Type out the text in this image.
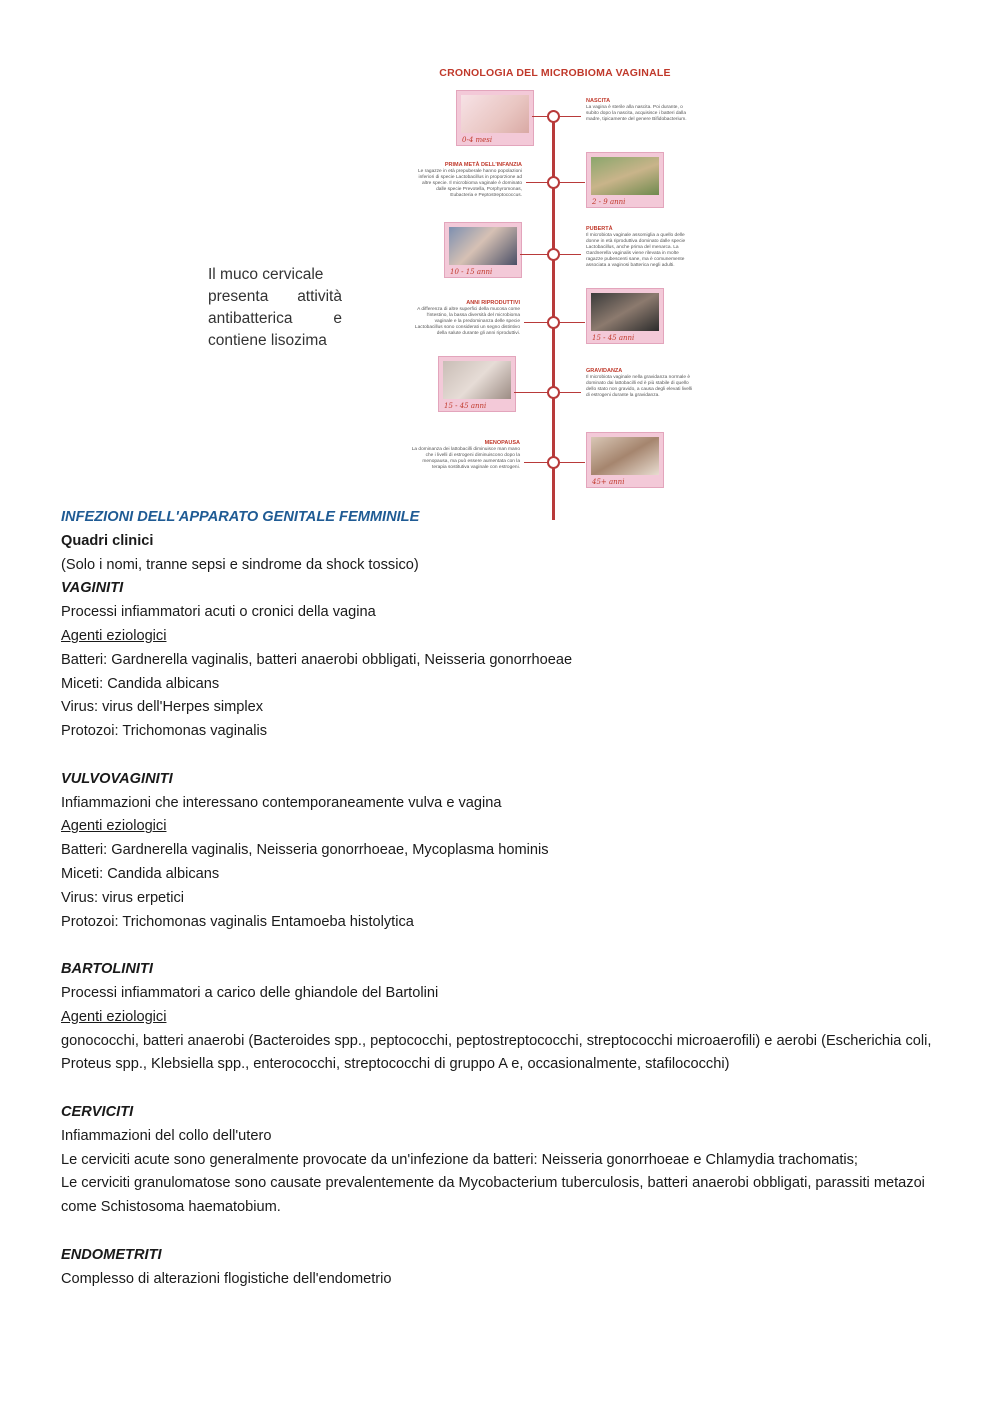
Il muco cervicale
presenta attività
antibatterica e
contiene lisozima
CRONOLOGIA DEL MICROBIOMA VAGINALE
0-4 mesi
NASCITA
La vagina è sterile alla nascita. Poi durante, o subito dopo la nascita, acquisisce i batteri dalla madre, tipicamente del genere Bifidobacterium.
PRIMA METÀ DELL'INFANZIA
Le ragazze in età prepuberale hanno popolazioni inferiori di specie Lactobacillus in proporzione ad altre specie. Il microbioma vaginale è dominato dalle specie Prevotella, Porphyromonas, Eubacteria e Peptostreptococcus.
2 - 9 anni
10 - 15 anni
PUBERTÀ
Il microbiota vaginale assomiglia a quello delle donne in età riproduttiva dominato dalle specie Lactobacillus, anche prima del menarca. La Gardnerella vaginalis viene rilevata in molte ragazze pubescenti sane, ma è comunemente associata a vaginosi batterica negli adulti.
ANNI RIPRODUTTIVI
A differenza di altre superfici della mucosa come l'intestino, la bassa diversità del microbioma vaginale e la predominanza delle specie Lactobacillus sono considerati un segno distintivo della salute durante gli anni riproduttivi.
15 - 45 anni
15 - 45 anni
GRAVIDANZA
Il microbiota vaginale nella gravidanza normale è dominato dai lattobacilli ed è più stabile di quello dello stato non gravido, a causa degli elevati livelli di estrogeni durante la gravidanza.
MENOPAUSA
La dominanza dei lattobacilli diminuisce man mano che i livelli di estrogeni diminuiscono dopo la menopausa, ma può essere aumentata con la terapia sostitutiva vaginale con estrogeni.
45+ anni

INFEZIONI DELL'APPARATO GENITALE FEMMINILE

Quadri clinici

(Solo i nomi, tranne sepsi e sindrome da shock tossico)

VAGINITI

Processi infiammatori acuti o cronici della vagina

Agenti eziologici

Batteri: Gardnerella vaginalis, batteri anaerobi obbligati, Neisseria gonorrhoeae

Miceti: Candida albicans

Virus: virus dell'Herpes simplex

Protozoi: Trichomonas vaginalis

VULVOVAGINITI

Infiammazioni che interessano contemporaneamente vulva e vagina

Agenti eziologici

Batteri: Gardnerella vaginalis, Neisseria gonorrhoeae, Mycoplasma hominis

Miceti: Candida albicans

Virus: virus erpetici

Protozoi: Trichomonas vaginalis Entamoeba histolytica

BARTOLINITI

Processi infiammatori a carico delle ghiandole del Bartolini

Agenti eziologici

gonococchi, batteri anaerobi (Bacteroides spp., peptococchi, peptostreptococchi, streptococchi microaerofili) e aerobi (Escherichia coli, Proteus spp., Klebsiella spp., enterococchi, streptococchi di gruppo A e, occasionalmente, stafilococchi)

CERVICITI

Infiammazioni del collo dell'utero

Le cerviciti acute sono generalmente provocate da un'infezione da batteri: Neisseria gonorrhoeae e Chlamydia trachomatis;

Le cerviciti granulomatose sono causate prevalentemente da Mycobacterium tuberculosis, batteri anaerobi obbligati, parassiti metazoi come Schistosoma haematobium.

ENDOMETRITI

Complesso di alterazioni flogistiche dell'endometrio
